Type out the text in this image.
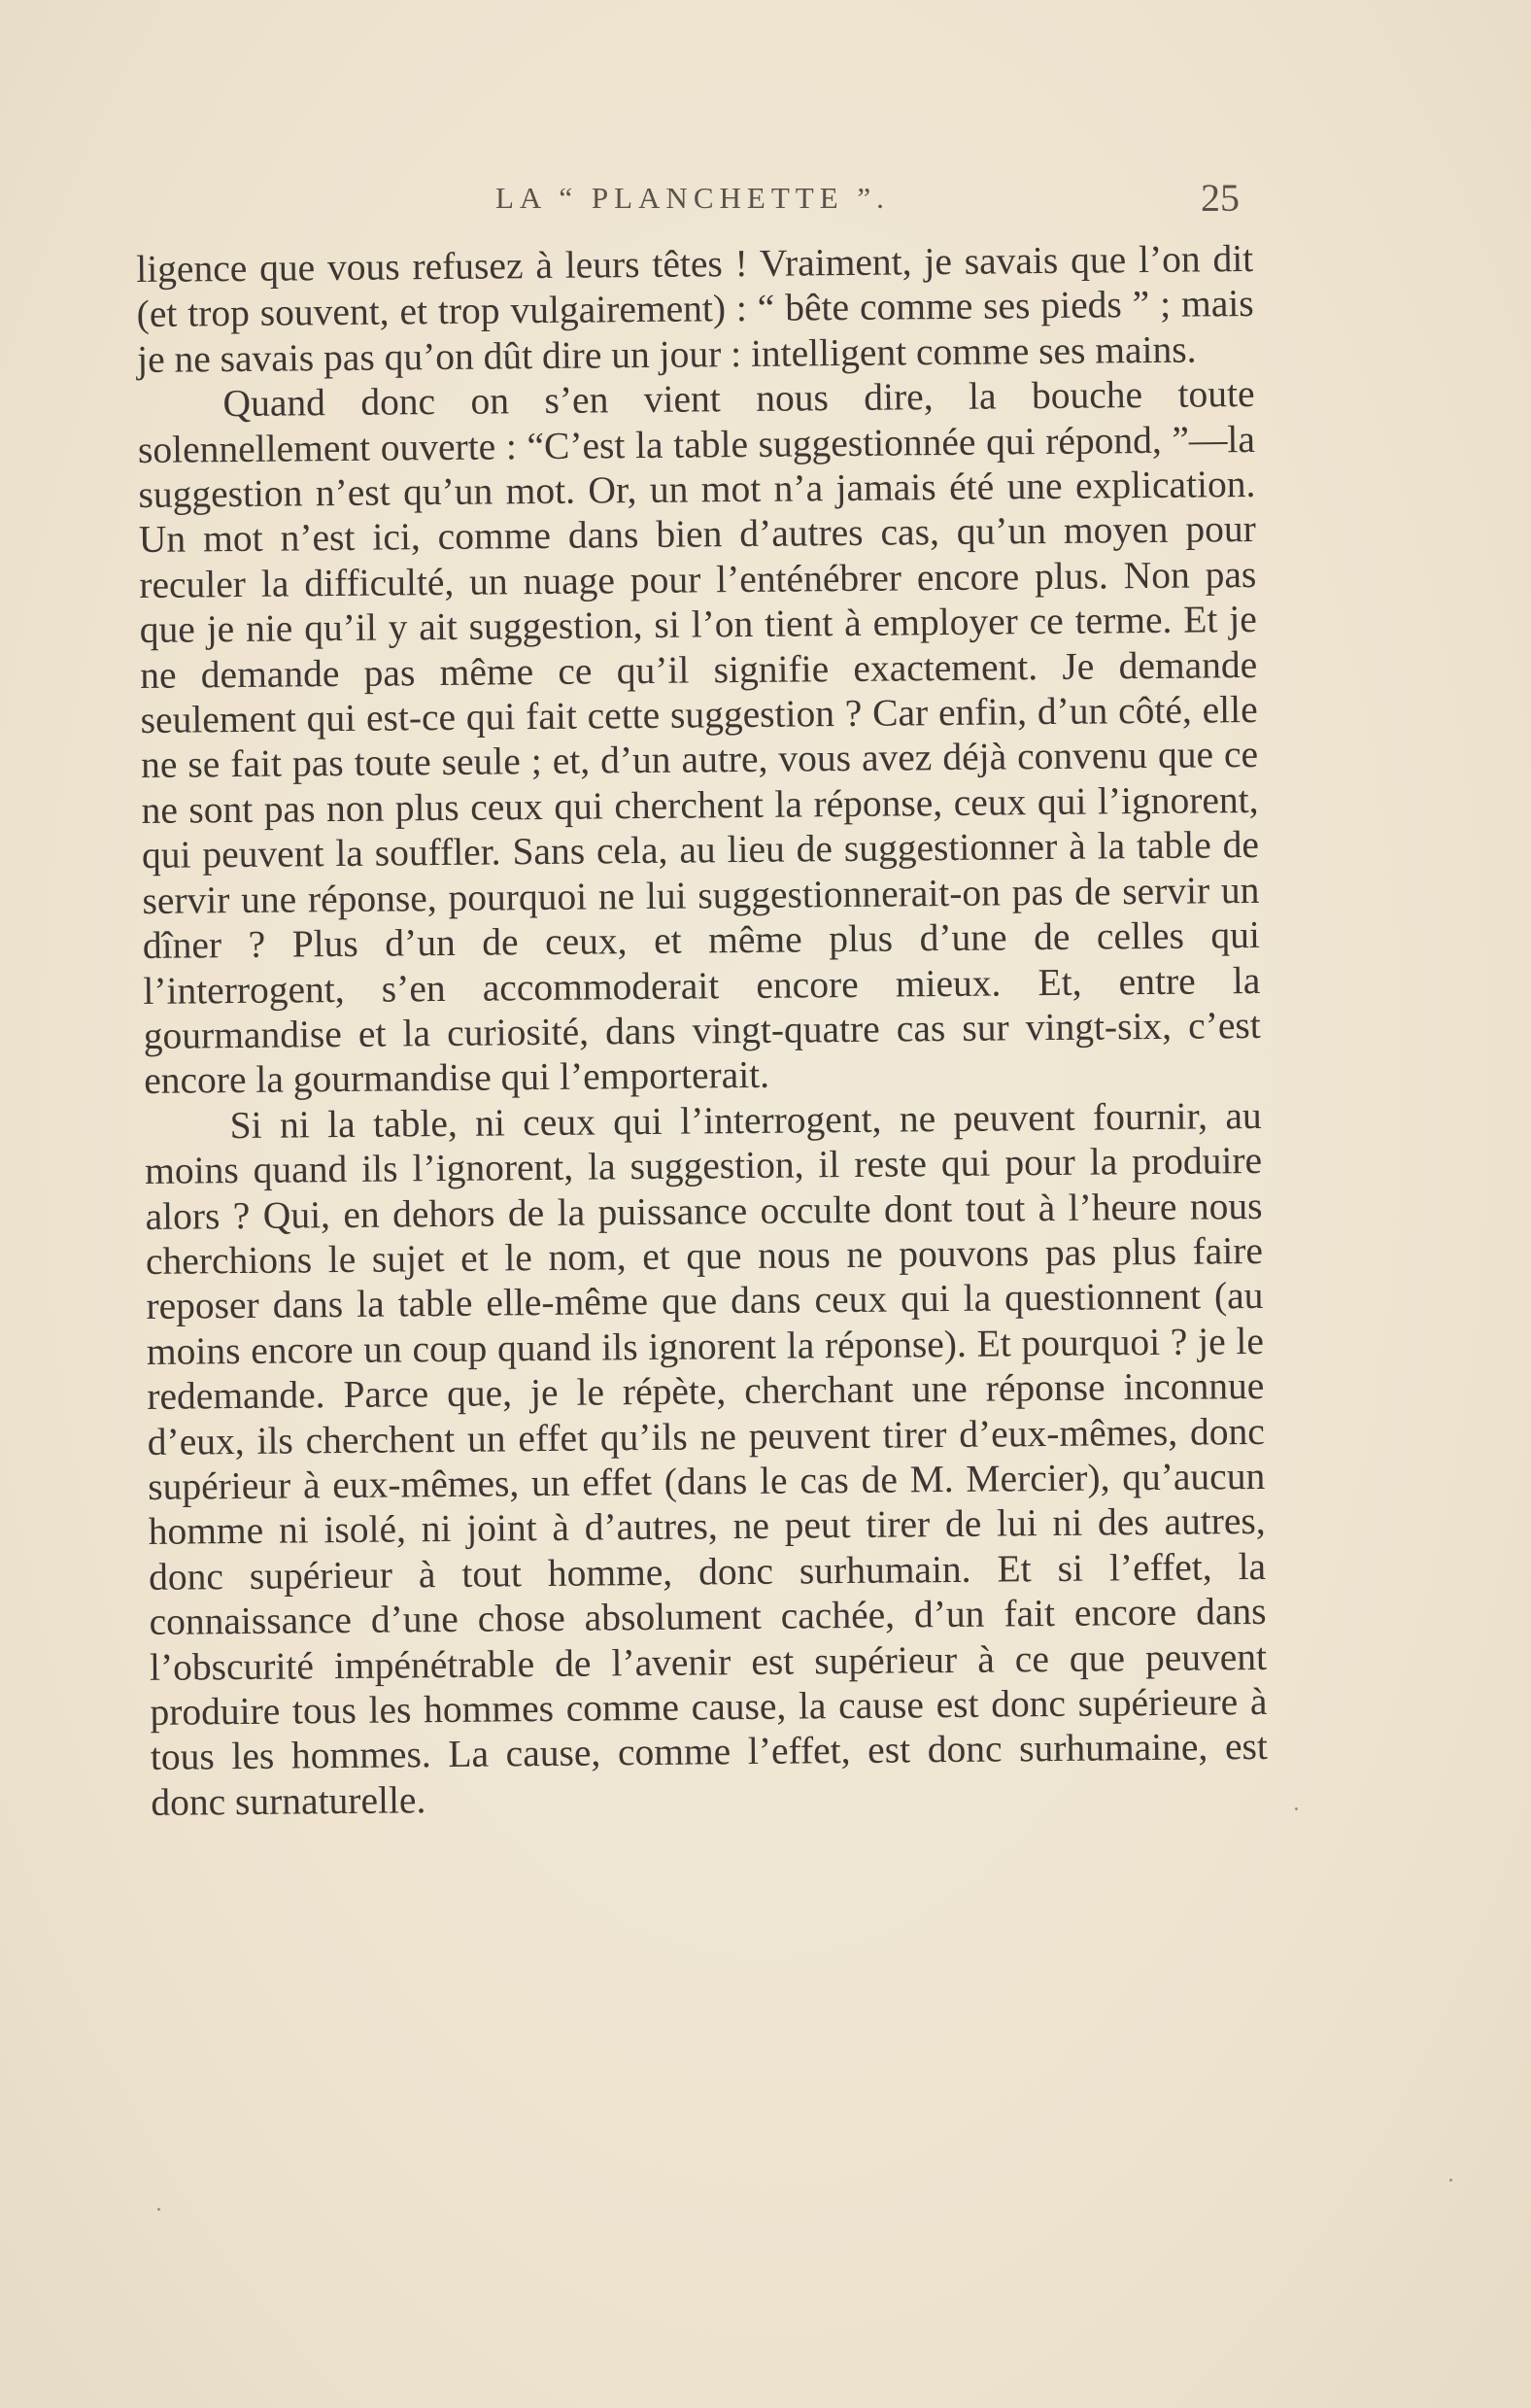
LA “ PLANCHETTE ”.	25

ligence que vous refusez à leurs têtes ! Vraiment, je savais que l’on dit (et trop souvent, et trop vulgairement) : “ bête comme ses pieds ” ; mais je ne savais pas qu’on dût dire un jour : intelligent comme ses mains.

Quand donc on s’en vient nous dire, la bouche toute solennellement ouverte : “C’est la table suggestionnée qui répond, ”—la suggestion n’est qu’un mot. Or, un mot n’a jamais été une explication. Un mot n’est ici, comme dans bien d’autres cas, qu’un moyen pour reculer la difficulté, un nuage pour l’enténébrer encore plus. Non pas que je nie qu’il y ait suggestion, si l’on tient à employer ce terme. Et je ne demande pas même ce qu’il signifie exactement. Je demande seulement qui est-ce qui fait cette suggestion ? Car enfin, d’un côté, elle ne se fait pas toute seule ; et, d’un autre, vous avez déjà convenu que ce ne sont pas non plus ceux qui cherchent la réponse, ceux qui l’ignorent, qui peuvent la souffler. Sans cela, au lieu de suggestionner à la table de servir une réponse, pourquoi ne lui suggestionnerait-on pas de servir un dîner ? Plus d’un de ceux, et même plus d’une de celles qui l’interrogent, s’en accommoderait encore mieux. Et, entre la gourmandise et la curiosité, dans vingt-quatre cas sur vingt-six, c’est encore la gourmandise qui l’emporterait.

Si ni la table, ni ceux qui l’interrogent, ne peuvent fournir, au moins quand ils l’ignorent, la suggestion, il reste qui pour la produire alors ? Qui, en dehors de la puissance occulte dont tout à l’heure nous cherchions le sujet et le nom, et que nous ne pouvons pas plus faire reposer dans la table elle-même que dans ceux qui la questionnent (au moins encore un coup quand ils ignorent la réponse). Et pourquoi ? je le redemande. Parce que, je le répète, cherchant une réponse inconnue d’eux, ils cherchent un effet qu’ils ne peuvent tirer d’eux-mêmes, donc supérieur à eux-mêmes, un effet (dans le cas de M. Mercier), qu’aucun homme ni isolé, ni joint à d’autres, ne peut tirer de lui ni des autres, donc supérieur à tout homme, donc surhumain. Et si l’effet, la connaissance d’une chose absolument cachée, d’un fait encore dans l’obscurité impénétrable de l’avenir est supérieur à ce que peuvent produire tous les hommes comme cause, la cause est donc supérieure à tous les hommes. La cause, comme l’effet, est donc surhumaine, est donc surnaturelle.
